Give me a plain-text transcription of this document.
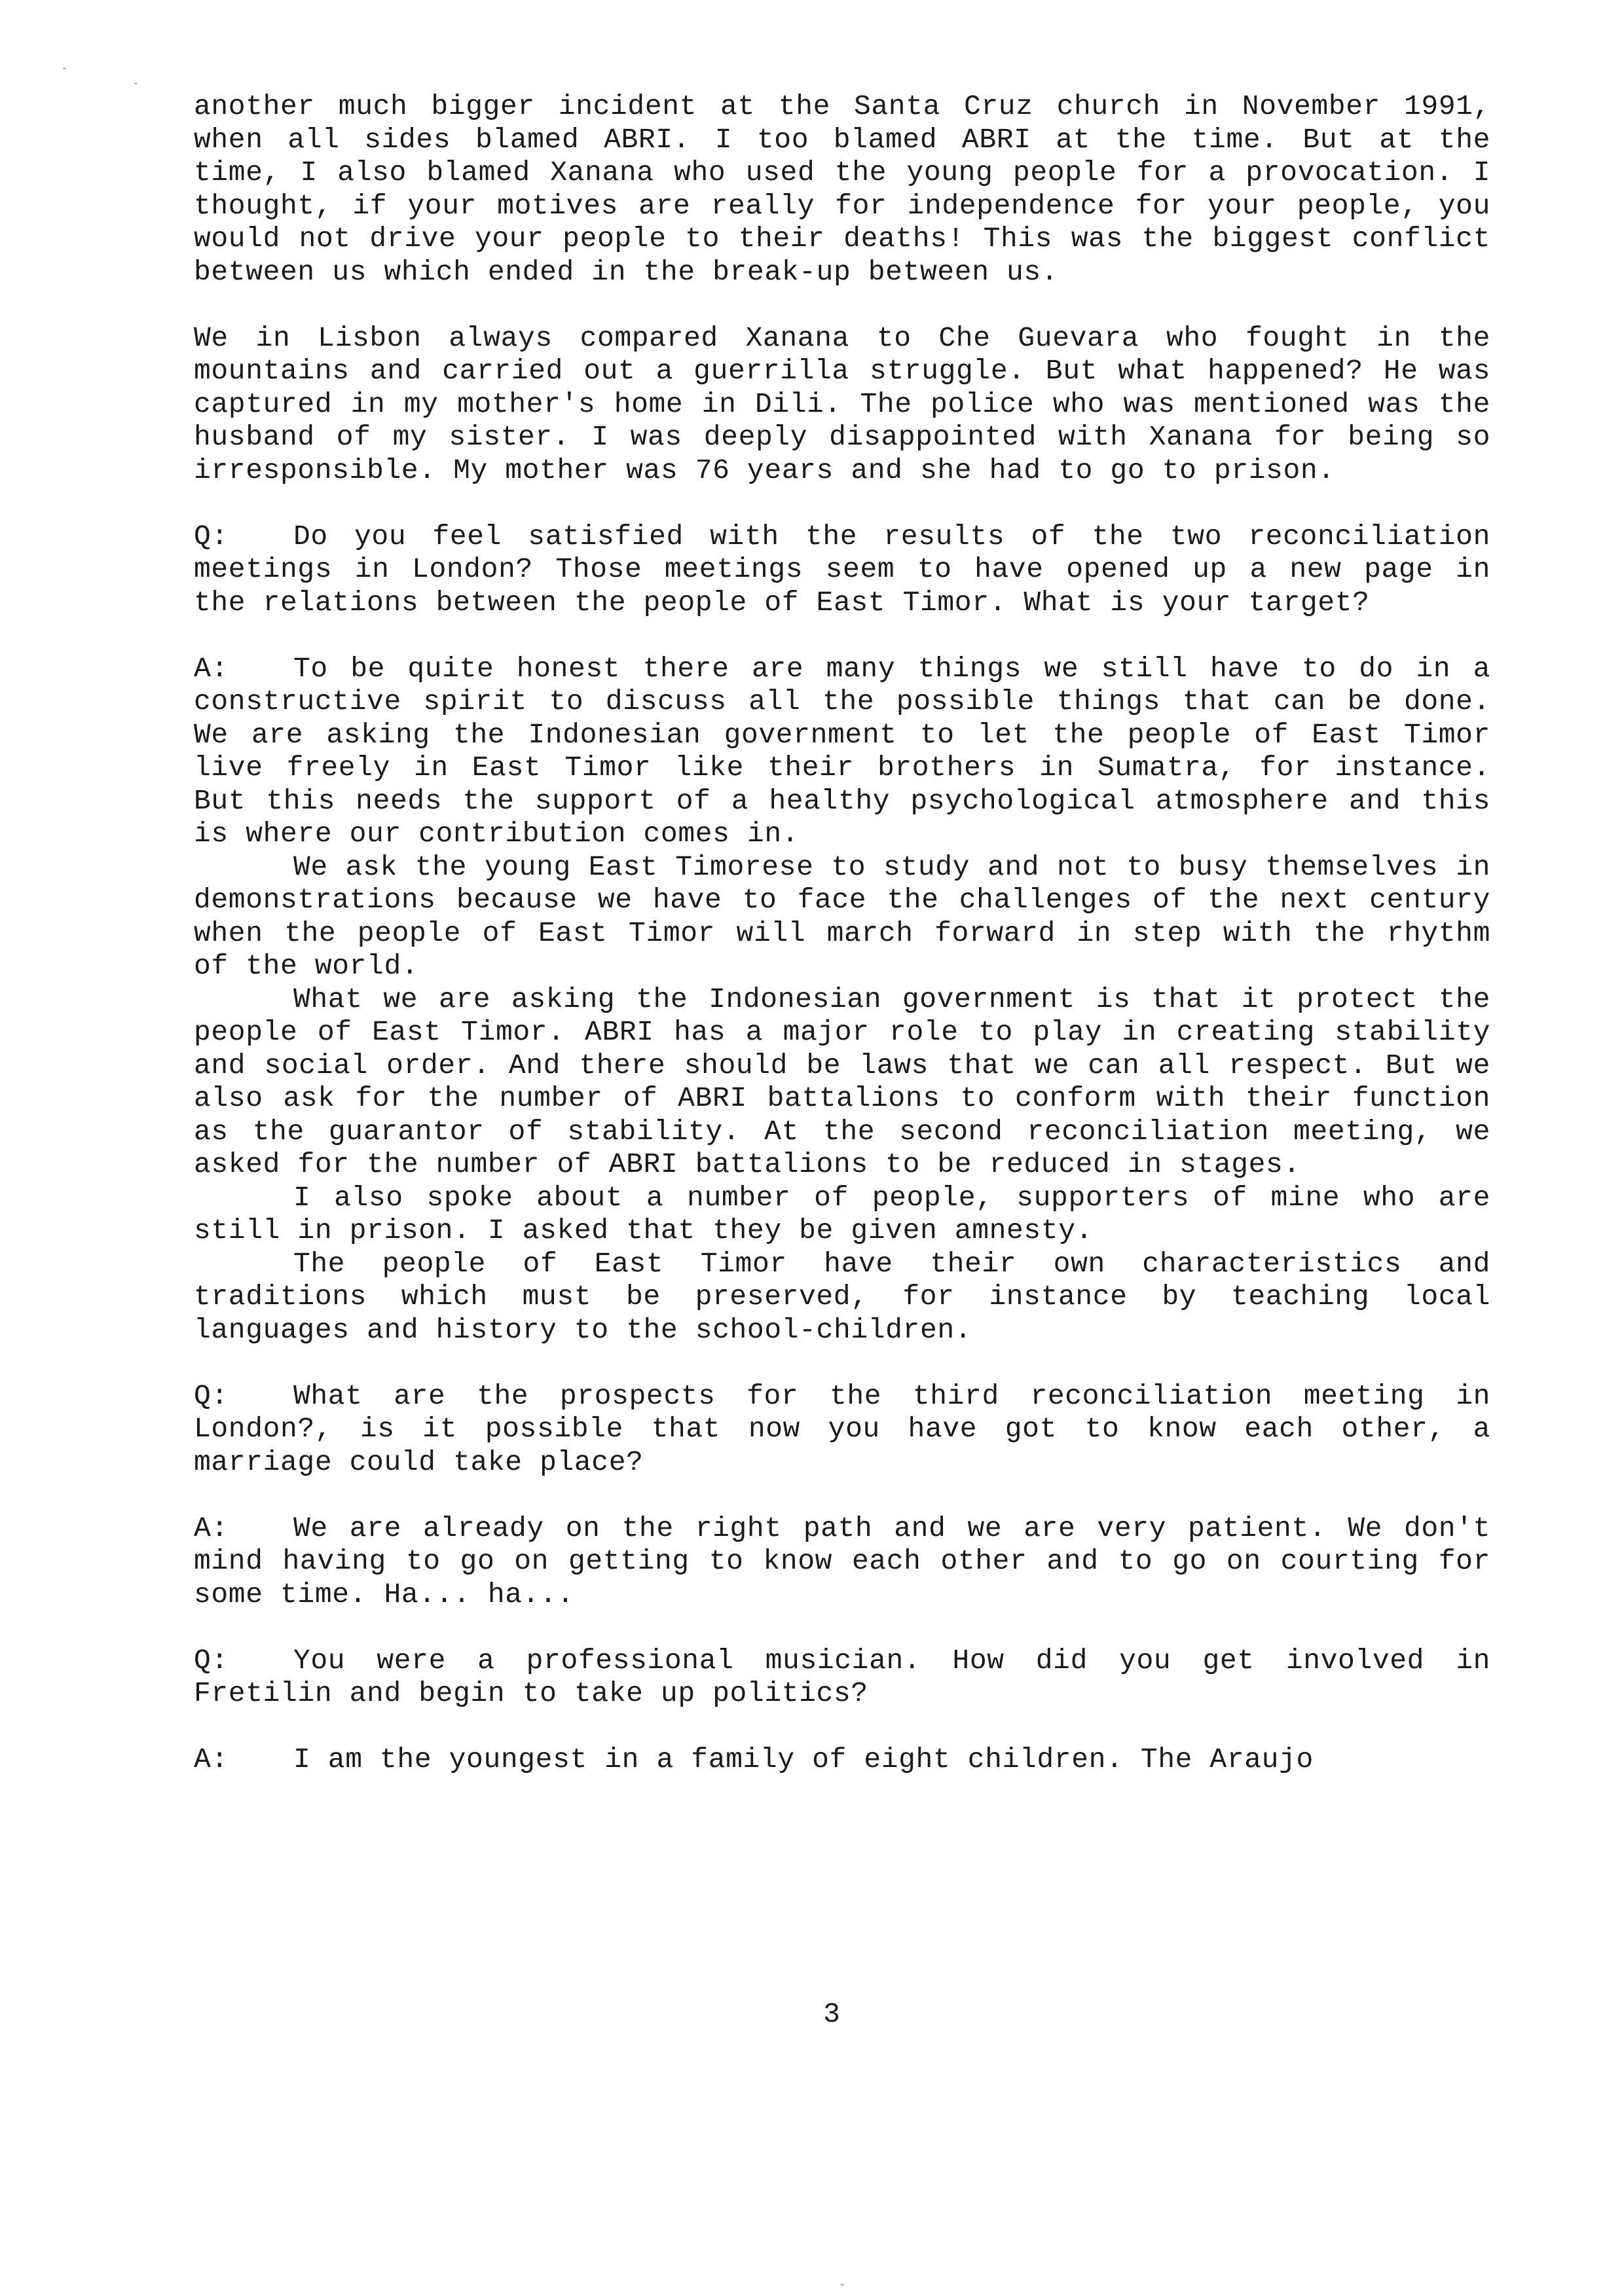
another much bigger incident at the Santa Cruz church in November 1991, when all sides blamed ABRI. I too blamed ABRI at the time. But at the time, I also blamed Xanana who used the young people for a provocation. I thought, if your motives are really for independence for your people, you would not drive your people to their deaths! This was the biggest conflict between us which ended in the break-up between us.

We in Lisbon always compared Xanana to Che Guevara who fought in the mountains and carried out a guerrilla struggle. But what happened? He was captured in my mother's home in Dili. The police who was mentioned was the husband of my sister. I was deeply disappointed with Xanana for being so irresponsible. My mother was 76 years and she had to go to prison.

Q: Do you feel satisfied with the results of the two reconciliation meetings in London? Those meetings seem to have opened up a new page in the relations between the people of East Timor. What is your target?

A: To be quite honest there are many things we still have to do in a constructive spirit to discuss all the possible things that can be done. We are asking the Indonesian government to let the people of East Timor live freely in East Timor like their brothers in Sumatra, for instance. But this needs the support of a healthy psychological atmosphere and this is where our contribution comes in.

We ask the young East Timorese to study and not to busy themselves in demonstrations because we have to face the challenges of the next century when the people of East Timor will march forward in step with the rhythm of the world.

What we are asking the Indonesian government is that it protect the people of East Timor. ABRI has a major role to play in creating stability and social order. And there should be laws that we can all respect. But we also ask for the number of ABRI battalions to conform with their function as the guarantor of stability. At the second reconciliation meeting, we asked for the number of ABRI battalions to be reduced in stages.

I also spoke about a number of people, supporters of mine who are still in prison. I asked that they be given amnesty.

The people of East Timor have their own characteristics and traditions which must be preserved, for instance by teaching local languages and history to the school-children.

Q: What are the prospects for the third reconciliation meeting in London?, is it possible that now you have got to know each other, a marriage could take place?

A: We are already on the right path and we are very patient. We don't mind having to go on getting to know each other and to go on courting for some time. Ha... ha...

Q: You were a professional musician. How did you get involved in Fretilin and begin to take up politics?

A: I am the youngest in a family of eight children. The Araujo

3
